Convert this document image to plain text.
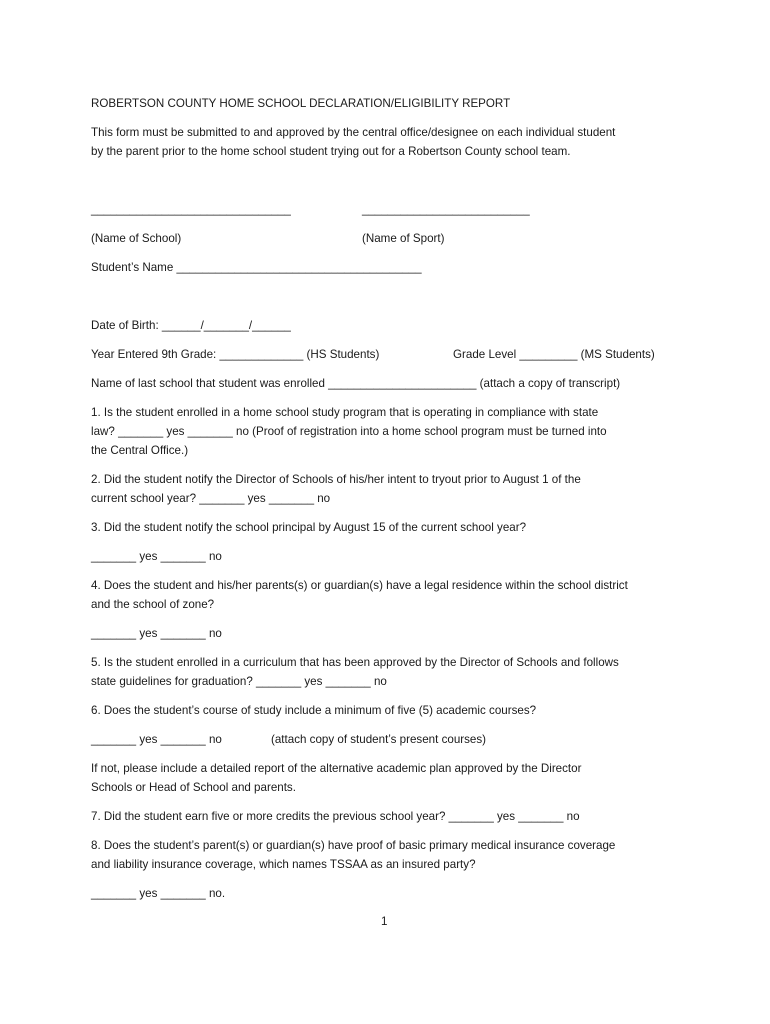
ROBERTSON COUNTY HOME SCHOOL DECLARATION/ELIGIBILITY REPORT
This form must be submitted to and approved by the central office/designee on each individual student
by the parent prior to the home school student trying out for a Robertson County school team.
_______________________________	__________________________
(Name of School)	(Name of Sport)
Student’s Name ______________________________________
Date of Birth: ______/_______/______
Year Entered 9th Grade: _____________ (HS Students)	Grade Level _________ (MS Students)
Name of last school that student was enrolled _______________________ (attach a copy of transcript)
1. Is the student enrolled in a home school study program that is operating in compliance with state
law? _______ yes _______ no (Proof of registration into a home school program must be turned into
the Central Office.)
2. Did the student notify the Director of Schools of his/her intent to tryout prior to August 1 of the
current school year? _______ yes _______ no
3. Did the student notify the school principal by August 15 of the current school year?
_______ yes _______ no
4. Does the student and his/her parents(s) or guardian(s) have a legal residence within the school district
and the school of zone?
_______ yes _______ no
5. Is the student enrolled in a curriculum that has been approved by the Director of Schools and follows
state guidelines for graduation? _______ yes _______ no
6. Does the student’s course of study include a minimum of five (5) academic courses?
_______ yes _______ no	(attach copy of student’s present courses)
If not, please include a detailed report of the alternative academic plan approved by the Director
Schools or Head of School and parents.
7. Did the student earn five or more credits the previous school year? _______ yes _______ no
8. Does the student’s parent(s) or guardian(s) have proof of basic primary medical insurance coverage
and liability insurance coverage, which names TSSAA as an insured party?
_______ yes _______ no.
1
